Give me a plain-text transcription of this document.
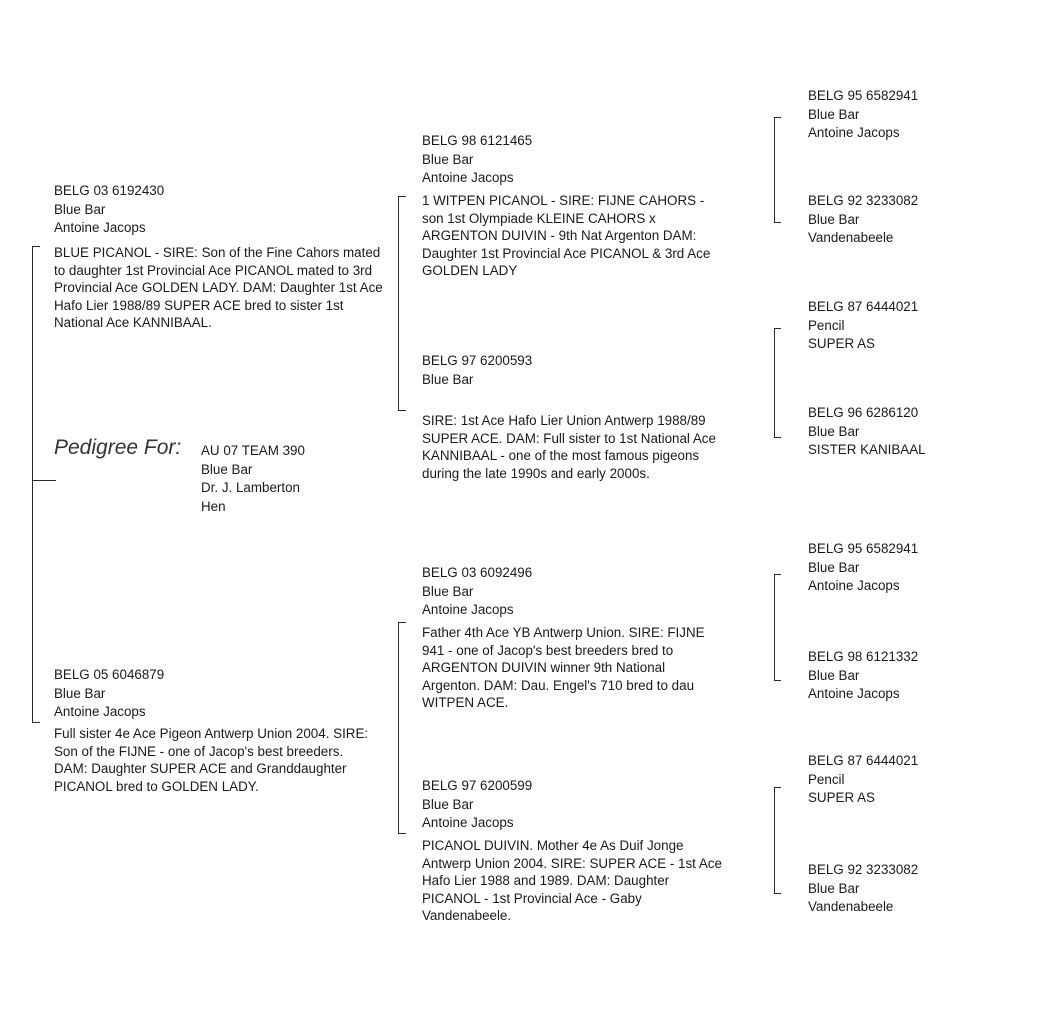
Pedigree For: AU 07 TEAM 390
Blue Bar
Dr. J. Lamberton
Hen
BELG 03 6192430
Blue Bar
Antoine Jacops
BLUE PICANOL - SIRE: Son of the Fine Cahors mated to daughter 1st Provincial Ace PICANOL mated to 3rd Provincial Ace GOLDEN LADY. DAM: Daughter 1st Ace Hafo Lier 1988/89 SUPER ACE bred to sister 1st National Ace KANNIBAAL.
BELG 05 6046879
Blue Bar
Antoine Jacops
Full sister 4e Ace Pigeon Antwerp Union 2004. SIRE: Son of the FIJNE - one of Jacop's best breeders. DAM: Daughter SUPER ACE and Granddaughter PICANOL bred to GOLDEN LADY.
BELG 98 6121465
Blue Bar
Antoine Jacops
1 WITPEN PICANOL - SIRE: FIJNE CAHORS - son 1st Olympiade KLEINE CAHORS x ARGENTON DUIVIN - 9th Nat Argenton DAM: Daughter 1st Provincial Ace PICANOL & 3rd Ace GOLDEN LADY
BELG 97 6200593
Blue Bar
SIRE: 1st Ace Hafo Lier Union Antwerp 1988/89 SUPER ACE. DAM: Full sister to 1st National Ace KANNIBAAL - one of the most famous pigeons during the late 1990s and early 2000s.
BELG 03 6092496
Blue Bar
Antoine Jacops
Father 4th Ace YB Antwerp Union. SIRE: FIJNE 941 - one of Jacop's best breeders bred to ARGENTON DUIVIN winner 9th National Argenton. DAM: Dau. Engel's 710 bred to dau WITPEN ACE.
BELG 97 6200599
Blue Bar
Antoine Jacops
PICANOL DUIVIN. Mother 4e As Duif Jonge Antwerp Union 2004. SIRE: SUPER ACE - 1st Ace Hafo Lier 1988 and 1989. DAM: Daughter PICANOL - 1st Provincial Ace - Gaby Vandenabeele.
BELG 95 6582941
Blue Bar
Antoine Jacops
BELG 92 3233082
Blue Bar
Vandenabeele
BELG 87 6444021
Pencil
SUPER AS
BELG 96 6286120
Blue Bar
SISTER KANIBAAL
BELG 95 6582941
Blue Bar
Antoine Jacops
BELG 98 6121332
Blue Bar
Antoine Jacops
BELG 87 6444021
Pencil
SUPER AS
BELG 92 3233082
Blue Bar
Vandenabeele
